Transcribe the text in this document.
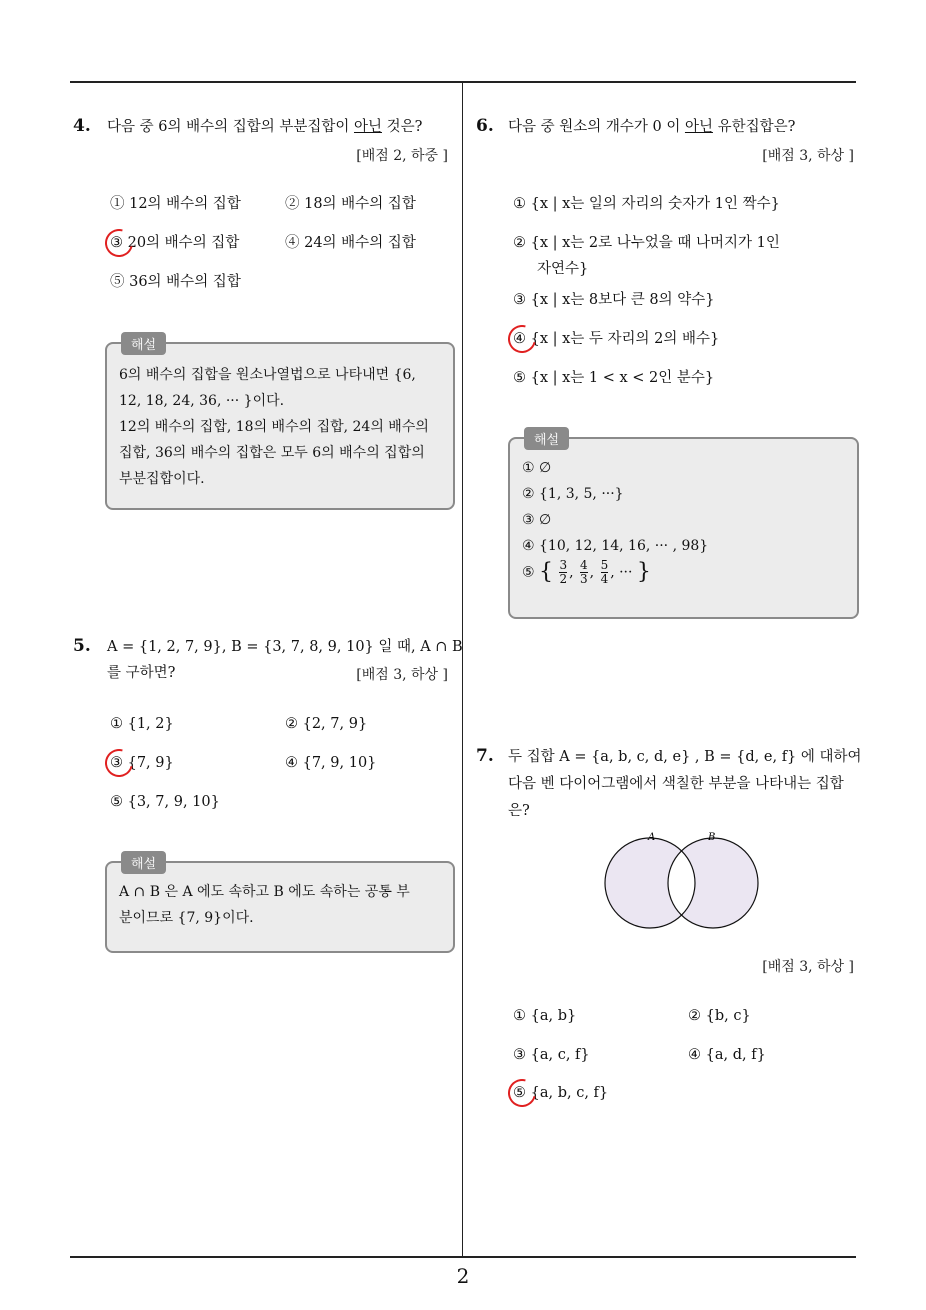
4. 다음 중 6의 배수의 집합의 부분집합이 아닌 것은?
[배점 2, 하중 ]
① 12의 배수의 집합	② 18의 배수의 집합
③ 20의 배수의 집합	④ 24의 배수의 집합
⑤ 36의 배수의 집합
해설
6의 배수의 집합을 원소나열법으로 나타내면 {6,
12, 18, 24, 36, ··· }이다.
12의 배수의 집합, 18의 배수의 집합, 24의 배수의
집합, 36의 배수의 집합은 모두 6의 배수의 집합의
부분집합이다.
5. A = {1, 2, 7, 9}, B = {3, 7, 8, 9, 10} 일 때, A ∩ B
를 구하면?	[배점 3, 하상 ]
① {1, 2}	② {2, 7, 9}
③ {7, 9}	④ {7, 9, 10}
⑤ {3, 7, 9, 10}
해설
A ∩ B 은 A 에도 속하고 B 에도 속하는 공통 부
분이므로 {7, 9}이다.
6. 다음 중 원소의 개수가 0 이 아닌 유한집합은?
[배점 3, 하상 ]
① {x | x는 일의 자리의 숫자가 1인 짝수}
② {x | x는 2로 나누었을 때 나머지가 1인
자연수}
③ {x | x는 8보다 큰 8의 약수}
④ {x | x는 두 자리의 2의 배수}
⑤ {x | x는 1 < x < 2인 분수}
해설
① ∅
② {1, 3, 5, ···}
③ ∅
④ {10, 12, 14, 16, ··· , 98}
⑤ { $\frac{3}{2}$ , $\frac{4}{3}$ , $\frac{5}{4}$ , ··· }
7. 두 집합 A = {a, b, c, d, e} , B = {d, e, f} 에 대하여
다음 벤 다이어그램에서 색칠한 부분을 나타내는 집합
은?
A	B
[배점 3, 하상 ]
① {a, b}	② {b, c}
③ {a, c, f}	④ {a, d, f}
⑤ {a, b, c, f}
2
